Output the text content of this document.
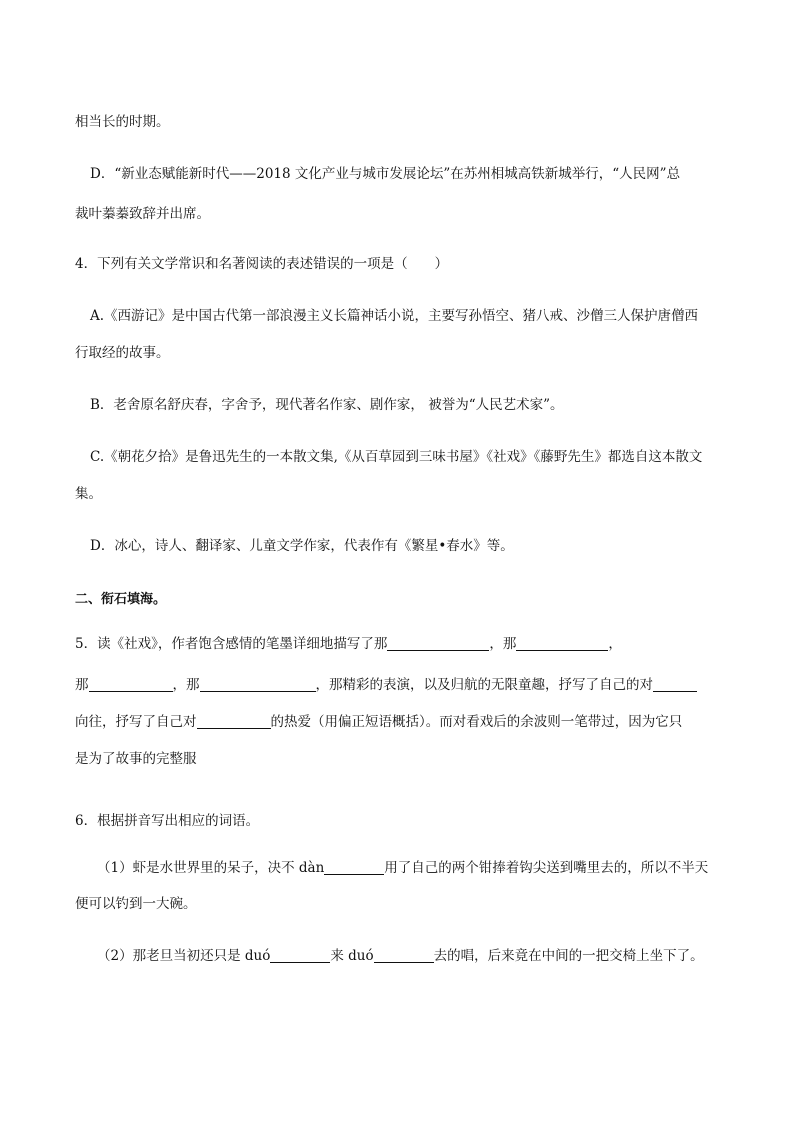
相当长的时期。
D．“新业态赋能新时代——2018 文化产业与城市发展论坛”在苏州相城高铁新城举行，“人民网”总
裁叶蓁蓁致辞并出席。
4．下列有关文学常识和名著阅读的表述错误的一项是（　　）
A.《西游记》是中国古代第一部浪漫主义长篇神话小说，主要写孙悟空、猪八戒、沙僧三人保护唐僧西
行取经的故事。
B．老舍原名舒庆春，字舍予，现代著名作家、剧作家， 被誉为“人民艺术家”。
C.《朝花夕拾》是鲁迅先生的一本散文集,《从百草园到三味书屋》《社戏》《藤野先生》都选自这本散文
集。
D．冰心，诗人、翻译家、儿童文学作家，代表作有《繁星•春水》等。
二、衔石填海。
5．读《社戏》，作者饱含感情的笔墨详细地描写了那	，那	，
那	，那	，那精彩的表演，以及归航的无限童趣，抒写了自己的对
向往，抒写了自己对	的热爱（用偏正短语概括）。而对看戏后的余波则一笔带过，因为它只
是为了故事的完整服
6．根据拼音写出相应的词语。
（1）虾是水世界里的呆子，决不 dàn	用了自己的两个钳捧着钩尖送到嘴里去的，所以不半天
便可以钓到一大碗。
（2）那老旦当初还只是 duó	来 duó	去的唱，后来竟在中间的一把交椅上坐下了。
